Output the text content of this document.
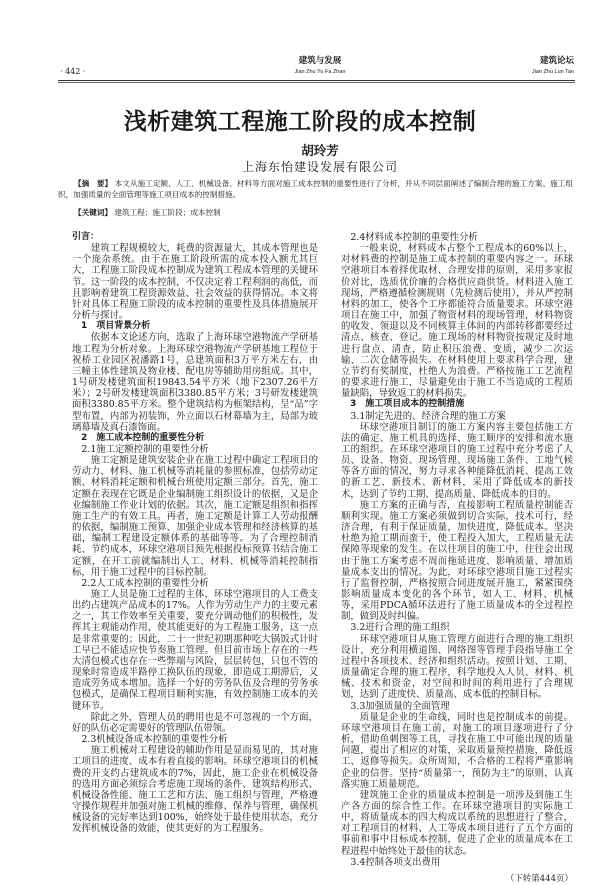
· 442 ·
建筑与发展
Jian Zhu Yu Fa Zhan
建筑论坛
Jian Zhu Lun Tan
浅析建筑工程施工阶段的成本控制
胡玲芳
上海东怡建设发展有限公司
【摘　要】 本文从施工定额、人工、机械设备、材料等方面对施工成本控制的重要性进行了分析，并从不同层面阐述了编制合理的施工方案、施工组织，加强质量的全面管理等施工项目成本的控制措施。
【关键词】 建筑工程；施工阶段；成本控制
引言：

建筑工程规模较大，耗费的资源量大，其成本管理也是一个庞杂系统。由于在施工阶段所需的成本投入额尤其巨大，工程施工阶段成本控制成为建筑工程成本管理的关键环节。这一阶段的成本控制，不仅决定着工程利润的高低，而且影响着建筑工程资源效益、社会效益的获得情况。本文将针对具体工程施工阶段的成本控制的重要性及具体措施展开分析与探讨。

1　项目背景分析

依据本文论述方向，选取了上海环球空港物流产学研基地工程为分析对象。上海环球空港物流产学研基地工程位于祝桥工业园区祝潘路1号，总建筑面积3万平方米左右，由三幢主体性建筑及物业楼、配电房等辅助用房组成。其中，1号研发楼建筑面积19843.54平方米（地下2307.26平方米）；2号研发楼建筑面积3380.85平方米；3号研发楼建筑面积3380.85平方米。整个建筑结构为框架结构，呈“品”字型布置，内部为初装饰，外立面以石材幕墙为主，局部为玻璃幕墙及真石漆饰面。

2　施工成本控制的重要性分析
2.1施工定额控制的重要性分析

施工定额是建筑安装企业在施工过程中确定工程项目的劳动力、材料、施工机械等消耗量的参照标准，包括劳动定额、材料消耗定额和机械台班使用定额三部分。首先，施工定额在表现在它既是企业编制施工组织设计的依据，又是企业编制施工作业计划的依据。其次，施工定额是组织和指挥施工生产的有效工具。再者，施工定额是计算工人劳动报酬的依据，编制施工预算、加强企业成本管理和经济核算的基础，编制工程建设定额体系的基础等等。为了合理控制消耗、节约成本，环球空港项目预先根据投标预算书结合施工定额，在开工前就编制出人工、材料、机械等消耗控制指标，用于施工过程中的目标控制。

2.2人工成本控制的重要性分析

施工人员是施工过程的主体，环球空港项目的人工费支出约占建筑产品成本的17%。人作为劳动生产力的主要元素之一，其工作效率至关重要，要充分调动他们的积极性，发挥其主观能动作用，使其能更好的为工程施工服务，这一点是非常重要的；因此，二十一世纪初期那种吃大锅饭式计时工早已不能适应快节奏施工管理。但目前市场上存在的一些大清包模式也存在一些弊端与风险，层层转包，只包不管的现象时常造成半路停工换队伍的现象，即造成工期滞后，又造成劳务成本增加。选择一个好的劳务队伍及合理的劳务承包模式，是确保工程项目顺利实施，有效控制施工成本的关键环节。

除此之外，管理人员的聘用也是不可忽视的一个方面，好的队伍必定需要好的管理队伍带领。

2.3机械设备成本控制的重要性分析

施工机械对工程建设的辅助作用是显而易见的，其对施工项目的进度、成本有着直接的影响。环球空港项目的机械费的开支约占建筑成本的7%，因此，施工企业在机械设备的选用方面必须综合考虑施工现场的条件、建筑结构形式、机械设备性能、施工工艺和方法、施工组织与管理，严格遵守操作规程并加强对施工机械的维修、保养与管理，确保机械设备的完好率达到100%，始终处于最佳使用状态，充分发挥机械设备的效能，使其更好的为工程服务。

2.4材料成本控制的重要性分析

一般来说，材料成本占整个工程成本的60%以上，对材料费的控制是施工成本控制的重要内容之一。环球空港项目本着择优取材、合理安排的原则，采用多家报价对比，选质优价廉的合格供应商供货。材料进入施工现场，严格遵循检测规则（先检测后使用），并从严控制材料的加工，使各个工序都能符合质量要求。环球空港项目在施工中，加强了物资材料的现场管理，材料物资的收发、领退以及不同核算主体间的内部转移都要经过清点、核查、登记。施工现场的材料物资按规定及时地进行盘点、清查，防止积压浪费、变质，减少二次运输、二次仓储等损失。在材料使用上要求科学合理，建立节约有奖制度，杜绝人为浪费。严格按施工工艺流程的要求进行施工，尽量避免由于施工不当造成的工程质量缺陷，导致返工的材料损失。

3　施工项目成本的控制措施
3.1制定先进的、经济合理的施工方案

环球空港项目制订的施工方案内容主要包括施工方法的确定、施工机具的选择、施工顺序的安排和流水施工的组织。在环球空港项目的施工过程中充分考虑了人员、设备、物资、现场管理、现场施工条件、工地气候等各方面的情况，努力寻求各种能降低消耗、提高工效的新工艺、新技术、新材料，采用了降低成本的新技术，达到了节约工期、提高质量、降低成本的目的。

施工方案的正确与否，直接影响工程质量控制能否顺利实现。施工方案必须做到切合实际，技术可行，经济合理，有利于保证质量，加快进度，降低成本。坚决杜绝为抢工期而蛮干，使工程投入加大，工程质量无法保障等现象的发生。在以往项目的施工中，往往会出现由于施工方案考虑不周而拖延进度、影响质量、增加质量成本支出的情况。为此，对环球空港项目施工过程实行了监督控制，严格按照合同进度展开施工，紧紧围绕影响质量成本变化的各个环节，如人工、材料、机械等，采用PDCA循环法进行了施工质量成本的全过程控制，做到及时纠偏。

3.2进行合理的施工组织

环球空港项目从施工管理方面进行合理的施工组织设计，充分利用横道图、网络图等管理手段指导施工全过程中各项技术、经济和组织活动。按照计划、工期、质量确定合理的施工程序，科学地投入人员、材料、机械、技术和资金，对空间和时间的利用进行了合理规划，达到了进度快、质量高、成本低的控制目标。

3.3加强质量的全面管理

质量是企业的生命线，同时也是控制成本的前提。环球空港项目在施工前，对施工的项目逐项进行了分析，借助鱼刺图等工具，寻找在施工中可能出现的质量问题，提出了相应的对策，采取质量预控措施，降低返工、返修等损失。众所周知，不合格的工程将严重影响企业的信誉。坚持“质量第一，预防为主”的原则，认真落实施工质量规范。

建筑施工企业的质量成本控制是一项涉及到施工生产各方面的综合性工作。在环球空港项目的实际施工中，将质量成本的四大构成以系统的思想进行了整合，对工程项目的材料、人工等成本项目进行了五个方面的事前和事中目标成本控制，促进了企业的质量成本在工程进程中始终处于最佳的状态。

3.4控制各项支出费用
（下转第444页）
